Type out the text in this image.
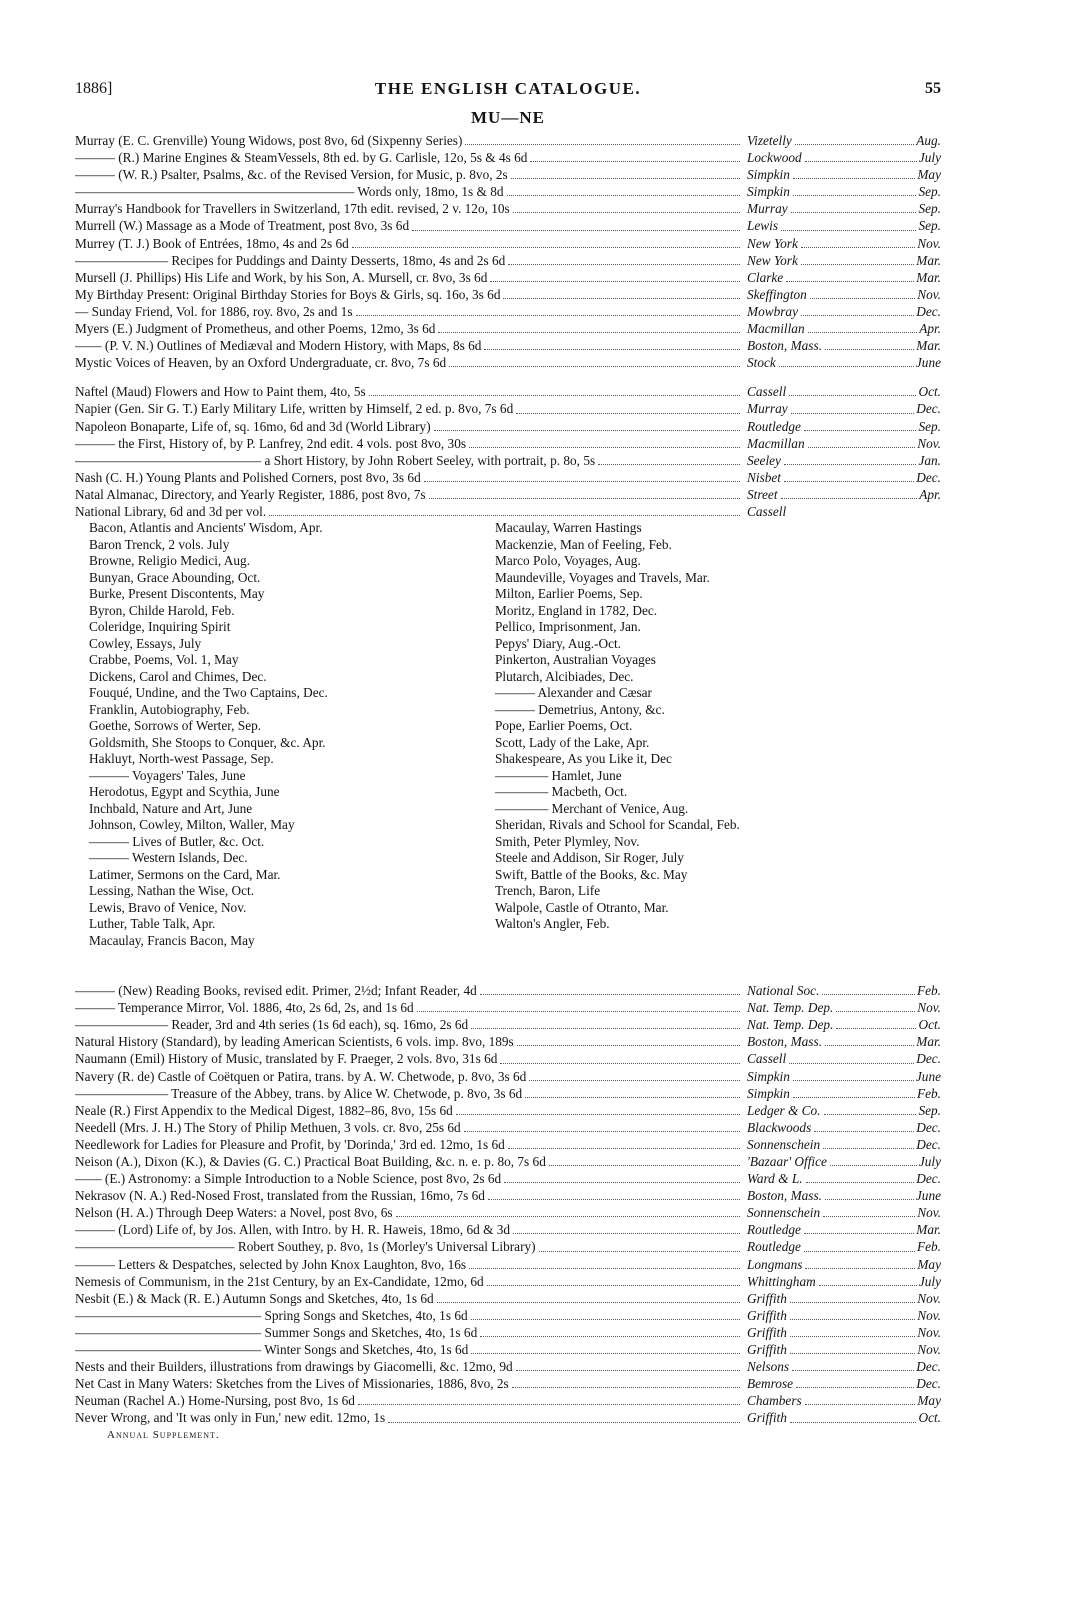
1886]	THE ENGLISH CATALOGUE.	55
MU—NE
Murray (E. C. Grenville) Young Widows, post 8vo, 6d (Sixpenny Series)	Vizetelly	Aug.
——— (R.) Marine Engines & SteamVessels, 8th ed. by G. Carlisle, 12o, 5s & 4s 6d	Lockwood	July
——— (W. R.) Psalter, Psalms, &c. of the Revised Version, for Music, p. 8vo, 2s	Simpkin	May
————————————————————— Words only, 18mo, 1s & 8d	Simpkin	Sep.
Murray's Handbook for Travellers in Switzerland, 17th edit. revised, 2 v. 12o, 10s	Murray	Sep.
Murrell (W.) Massage as a Mode of Treatment, post 8vo, 3s 6d	Lewis	Sep.
Murrey (T. J.) Book of Entrées, 18mo, 4s and 2s 6d	New York	Nov.
——————— Recipes for Puddings and Dainty Desserts, 18mo, 4s and 2s 6d	New York	Mar.
Mursell (J. Phillips) His Life and Work, by his Son, A. Mursell, cr. 8vo, 3s 6d	Clarke	Mar.
My Birthday Present: Original Birthday Stories for Boys & Girls, sq. 16o, 3s 6d	Skeffington	Nov.
— Sunday Friend, Vol. for 1886, roy. 8vo, 2s and 1s	Mowbray	Dec.
Myers (E.) Judgment of Prometheus, and other Poems, 12mo, 3s 6d	Macmillan	Apr.
—— (P. V. N.) Outlines of Mediæval and Modern History, with Maps, 8s 6d	Boston, Mass.	Mar.
Mystic Voices of Heaven, by an Oxford Undergraduate, cr. 8vo, 7s 6d	Stock	June
Naftel (Maud) Flowers and How to Paint them, 4to, 5s	Cassell	Oct.
Napier (Gen. Sir G. T.) Early Military Life, written by Himself, 2 ed. p. 8vo, 7s 6d	Murray	Dec.
Napoleon Bonaparte, Life of, sq. 16mo, 6d and 3d (World Library)	Routledge	Sep.
——— the First, History of, by P. Lanfrey, 2nd edit. 4 vols. post 8vo, 30s	Macmillan	Nov.
—————————————— a Short History, by John Robert Seeley, with portrait, p. 8o, 5s	Seeley	Jan.
Nash (C. H.) Young Plants and Polished Corners, post 8vo, 3s 6d	Nisbet	Dec.
Natal Almanac, Directory, and Yearly Register, 1886, post 8vo, 7s	Street	Apr.
National Library, 6d and 3d per vol.	Cassell
Bacon, Atlantis and Ancients' Wisdom, Apr.
Baron Trenck, 2 vols. July
Browne, Religio Medici, Aug.
Bunyan, Grace Abounding, Oct.
Burke, Present Discontents, May
Byron, Childe Harold, Feb.
Coleridge, Inquiring Spirit
Cowley, Essays, July
Crabbe, Poems, Vol. 1, May
Dickens, Carol and Chimes, Dec.
Fouqué, Undine, and the Two Captains, Dec.
Franklin, Autobiography, Feb.
Goethe, Sorrows of Werter, Sep.
Goldsmith, She Stoops to Conquer, &c. Apr.
Hakluyt, North-west Passage, Sep.
——— Voyagers' Tales, June
Herodotus, Egypt and Scythia, June
Inchbald, Nature and Art, June
Johnson, Cowley, Milton, Waller, May
——— Lives of Butler, &c. Oct.
——— Western Islands, Dec.
Latimer, Sermons on the Card, Mar.
Lessing, Nathan the Wise, Oct.
Lewis, Bravo of Venice, Nov.
Luther, Table Talk, Apr.
Macaulay, Francis Bacon, May
Macaulay, Warren Hastings
Mackenzie, Man of Feeling, Feb.
Marco Polo, Voyages, Aug.
Maundeville, Voyages and Travels, Mar.
Milton, Earlier Poems, Sep.
Moritz, England in 1782, Dec.
Pellico, Imprisonment, Jan.
Pepys' Diary, Aug.-Oct.
Pinkerton, Australian Voyages
Plutarch, Alcibiades, Dec.
——— Alexander and Cæsar
——— Demetrius, Antony, &c.
Pope, Earlier Poems, Oct.
Scott, Lady of the Lake, Apr.
Shakespeare, As you Like it, Dec
———— Hamlet, June
———— Macbeth, Oct.
———— Merchant of Venice, Aug.
Sheridan, Rivals and School for Scandal, Feb.
Smith, Peter Plymley, Nov.
Steele and Addison, Sir Roger, July
Swift, Battle of the Books, &c. May
Trench, Baron, Life
Walpole, Castle of Otranto, Mar.
Walton's Angler, Feb.
——— (New) Reading Books, revised edit. Primer, 2½d; Infant Reader, 4d	National Soc.	Feb.
——— Temperance Mirror, Vol. 1886, 4to, 2s 6d, 2s, and 1s 6d	Nat. Temp. Dep.	Nov.
——————— Reader, 3rd and 4th series (1s 6d each), sq. 16mo, 2s 6d	Nat. Temp. Dep.	Oct.
Natural History (Standard), by leading American Scientists, 6 vols. imp. 8vo, 189s	Boston, Mass.	Mar.
Naumann (Emil) History of Music, translated by F. Praeger, 2 vols. 8vo, 31s 6d	Cassell	Dec.
Navery (R. de) Castle of Coëtquen or Patira, trans. by A. W. Chetwode, p. 8vo, 3s 6d	Simpkin	June
——————— Treasure of the Abbey, trans. by Alice W. Chetwode, p. 8vo, 3s 6d	Simpkin	Feb.
Neale (R.) First Appendix to the Medical Digest, 1882–86, 8vo, 15s 6d	Ledger & Co.	Sep.
Needell (Mrs. J. H.) The Story of Philip Methuen, 3 vols. cr. 8vo, 25s 6d	Blackwoods	Dec.
Needlework for Ladies for Pleasure and Profit, by 'Dorinda,' 3rd ed. 12mo, 1s 6d	Sonnenschein	Dec.
Neison (A.), Dixon (K.), & Davies (G. C.) Practical Boat Building, &c. n. e. p. 8o, 7s 6d	'Bazaar' Office	July
—— (E.) Astronomy: a Simple Introduction to a Noble Science, post 8vo, 2s 6d	Ward & L.	Dec.
Nekrasov (N. A.) Red-Nosed Frost, translated from the Russian, 16mo, 7s 6d	Boston, Mass.	June
Nelson (H. A.) Through Deep Waters: a Novel, post 8vo, 6s	Sonnenschein	Nov.
——— (Lord) Life of, by Jos. Allen, with Intro. by H. R. Haweis, 18mo, 6d & 3d	Routledge	Mar.
———————————— Robert Southey, p. 8vo, 1s (Morley's Universal Library)	Routledge	Feb.
——— Letters & Despatches, selected by John Knox Laughton, 8vo, 16s	Longmans	May
Nemesis of Communism, in the 21st Century, by an Ex-Candidate, 12mo, 6d	Whittingham	July
Nesbit (E.) & Mack (R. E.) Autumn Songs and Sketches, 4to, 1s 6d	Griffith	Nov.
—————————————— Spring Songs and Sketches, 4to, 1s 6d	Griffith	Nov.
—————————————— Summer Songs and Sketches, 4to, 1s 6d	Griffith	Nov.
—————————————— Winter Songs and Sketches, 4to, 1s 6d	Griffith	Nov.
Nests and their Builders, illustrations from drawings by Giacomelli, &c. 12mo, 9d	Nelsons	Dec.
Net Cast in Many Waters: Sketches from the Lives of Missionaries, 1886, 8vo, 2s	Bemrose	Dec.
Neuman (Rachel A.) Home-Nursing, post 8vo, 1s 6d	Chambers	May
Never Wrong, and 'It was only in Fun,' new edit. 12mo, 1s	Griffith	Oct.
Annual Supplement.
